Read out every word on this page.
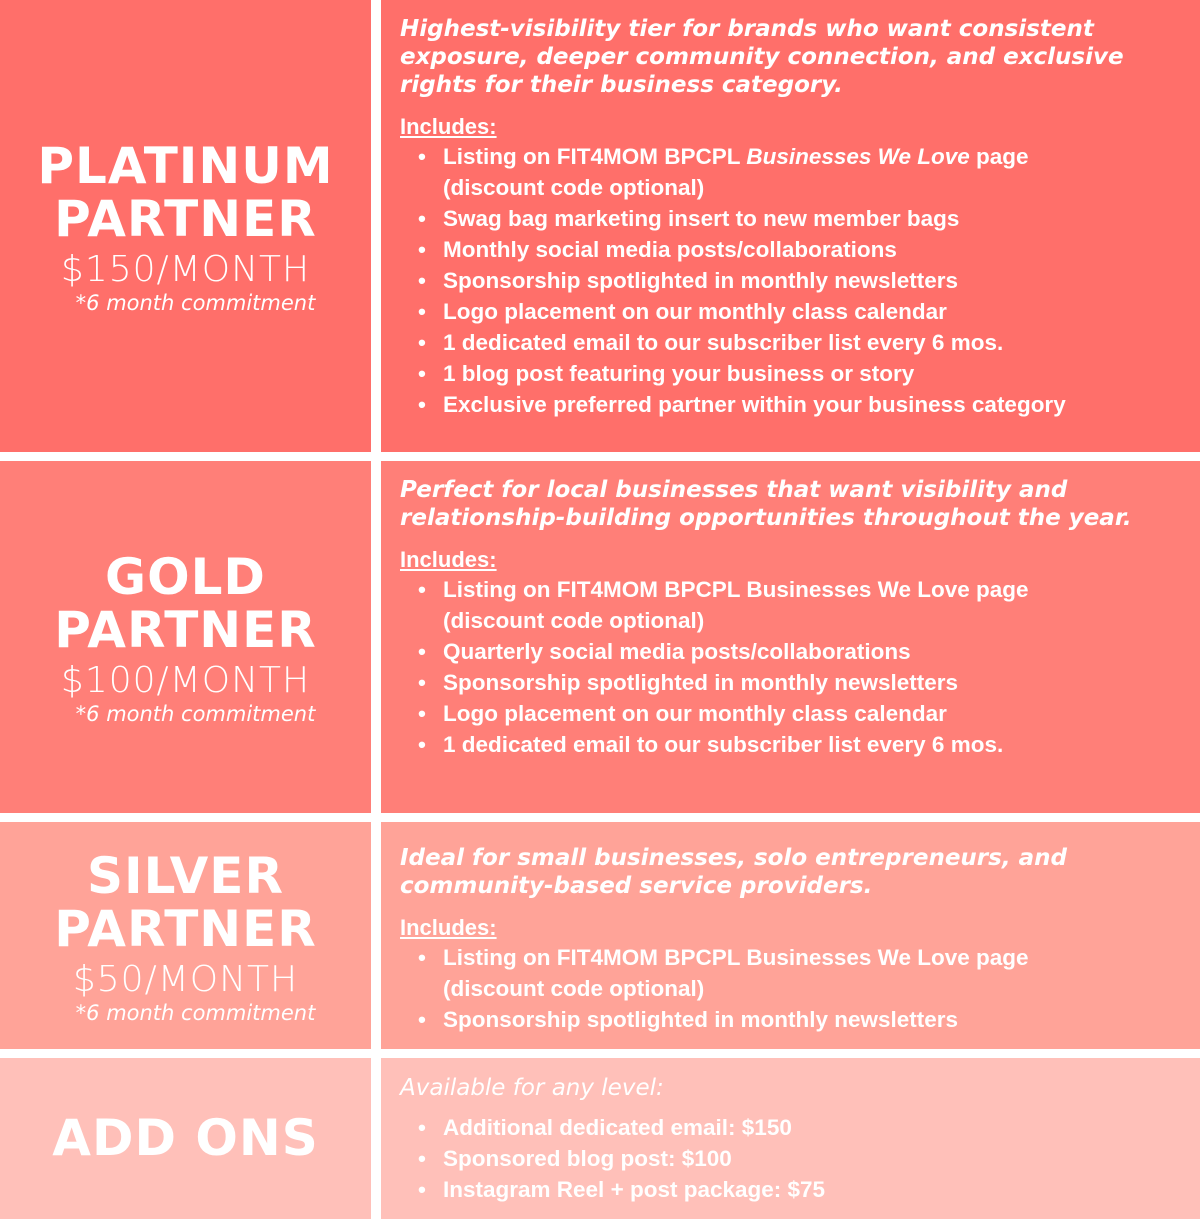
PLATINUM
PARTNER
$150/MONTH
*6 month commitment
Highest-visibility tier for brands who want consistent exposure, deeper community connection, and exclusive rights for their business category.
Includes:
• Listing on FIT4MOM BPCPL Businesses We Love page
(discount code optional)
• Swag bag marketing insert to new member bags
• Monthly social media posts/collaborations
• Sponsorship spotlighted in monthly newsletters
• Logo placement on our monthly class calendar
• 1 dedicated email to our subscriber list every 6 mos.
• 1 blog post featuring your business or story
• Exclusive preferred partner within your business category
GOLD
PARTNER
$100/MONTH
*6 month commitment
Perfect for local businesses that want visibility and relationship-building opportunities throughout the year.
Includes:
• Listing on FIT4MOM BPCPL Businesses We Love page
(discount code optional)
• Quarterly social media posts/collaborations
• Sponsorship spotlighted in monthly newsletters
• Logo placement on our monthly class calendar
• 1 dedicated email to our subscriber list every 6 mos.
SILVER
PARTNER
$50/MONTH
*6 month commitment
Ideal for small businesses, solo entrepreneurs, and community-based service providers.
Includes:
• Listing on FIT4MOM BPCPL Businesses We Love page
(discount code optional)
• Sponsorship spotlighted in monthly newsletters
ADD ONS
Available for any level:
• Additional dedicated email: $150
• Sponsored blog post: $100
• Instagram Reel + post package: $75
